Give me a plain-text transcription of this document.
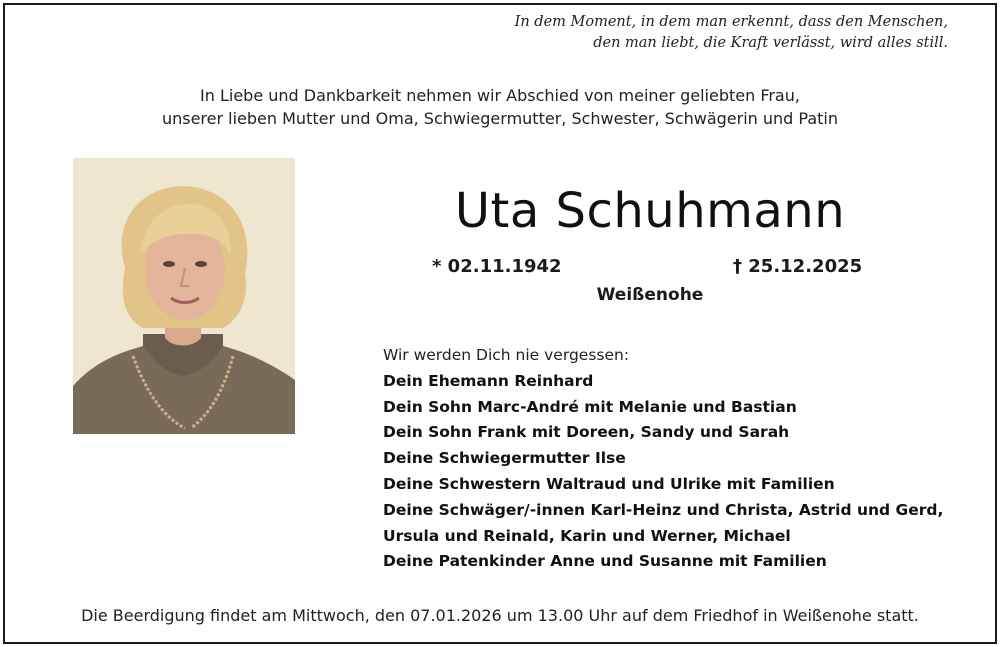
In dem Moment, in dem man erkennt, dass den Menschen,
den man liebt, die Kraft verlässt, wird alles still.
In Liebe und Dankbarkeit nehmen wir Abschied von meiner geliebten Frau,
unserer lieben Mutter und Oma, Schwiegermutter, Schwester, Schwägerin und Patin
Uta Schuhmann
* 02.11.1942	† 25.12.2025
Weißenohe
Wir werden Dich nie vergessen:
Dein Ehemann Reinhard
Dein Sohn Marc-André mit Melanie und Bastian
Dein Sohn Frank mit Doreen, Sandy und Sarah
Deine Schwiegermutter Ilse
Deine Schwestern Waltraud und Ulrike mit Familien
Deine Schwäger/-innen Karl-Heinz und Christa, Astrid und Gerd,
Ursula und Reinald, Karin und Werner, Michael
Deine Patenkinder Anne und Susanne mit Familien
Die Beerdigung findet am Mittwoch, den 07.01.2026 um 13.00 Uhr auf dem Friedhof in Weißenohe statt.
